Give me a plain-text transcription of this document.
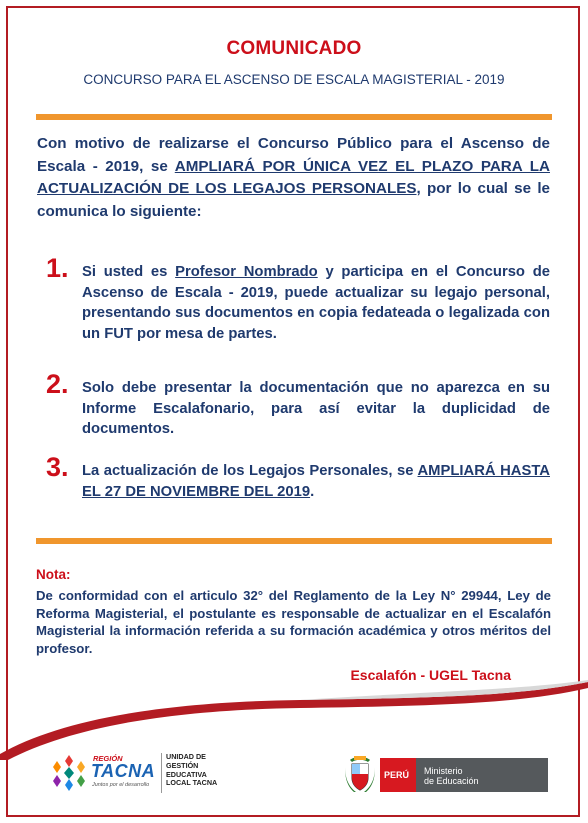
COMUNICADO
CONCURSO PARA EL ASCENSO DE ESCALA MAGISTERIAL - 2019
Con motivo de realizarse el Concurso Público para el Ascenso de Escala - 2019, se AMPLIARÁ POR ÚNICA VEZ EL PLAZO PARA LA ACTUALIZACIÓN DE LOS LEGAJOS PERSONALES, por lo cual se le comunica lo siguiente:
1. Si usted es Profesor Nombrado y participa en el Concurso de Ascenso de Escala - 2019, puede actualizar su legajo personal, presentando sus documentos en copia fedateada o legalizada con un FUT por mesa de partes.
2. Solo debe presentar la documentación que no aparezca en su Informe Escalafonario, para así evitar la duplicidad de documentos.
3. La actualización de los Legajos Personales, se AMPLIARÁ HASTA EL 27 DE NOVIEMBRE DEL 2019.
Nota:
De conformidad con el articulo 32° del Reglamento de la Ley N° 29944, Ley de Reforma Magisterial, el postulante es responsable de actualizar en el Escalafón Magisterial la información referida a su formación académica y otros méritos del profesor.
Escalafón - UGEL Tacna
REGIÓN
TACNA
Juntos por el desarrollo
UNIDAD DE
GESTIÓN
EDUCATIVA
LOCAL TACNA
PERÚ Ministerio
de Educación
